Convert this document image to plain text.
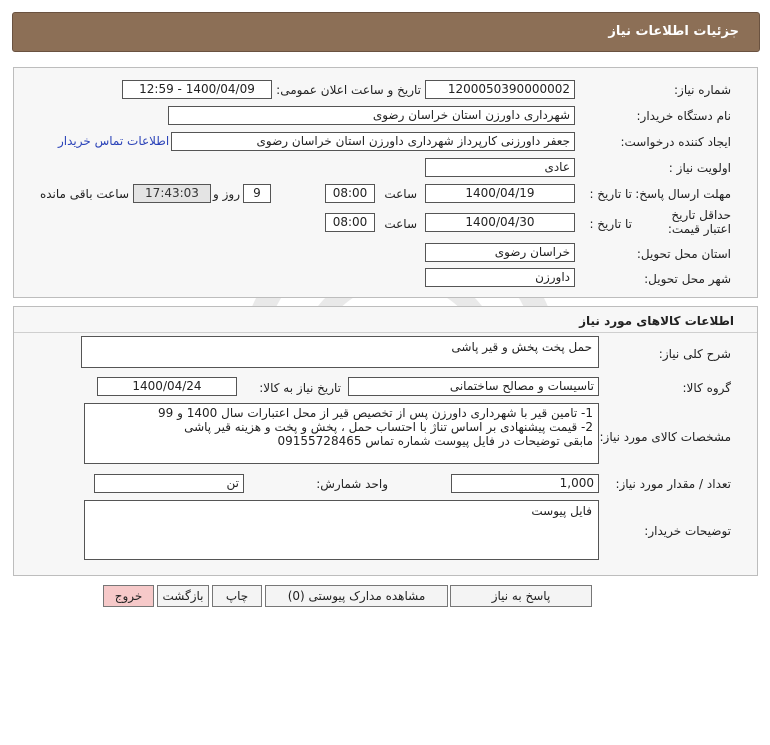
جزئیات اطلاعات نیاز
شماره نیاز:
1200050390000002
تاریخ و ساعت اعلان عمومی:
1400/04/09 - 12:59
نام دستگاه خریدار:
شهرداری داورزن استان خراسان رضوی
ایجاد کننده درخواست:
جعفر داورزنی کارپرداز شهرداری داورزن استان خراسان رضوی
اطلاعات تماس خریدار
اولویت نیاز :
عادی
مهلت ارسال پاسخ:
تا تاریخ :
1400/04/19
ساعت
08:00
9
روز و
17:43:03
ساعت باقی مانده
حداقل تاریخ اعتبار قیمت:
تا تاریخ :
1400/04/30
ساعت
08:00
استان محل تحویل:
خراسان رضوی
شهر محل تحویل:
داورزن
اطلاعات کالاهای مورد نیاز
شرح کلی نیاز:
حمل پخت پخش و قیر پاشی
گروه کالا:
تاسیسات و مصالح ساختمانی
تاریخ نیاز به کالا:
1400/04/24
مشخصات کالای مورد نیاز:
1- تامین قیر با شهرداری داورزن پس از تخصیص قیر از محل اعتبارات سال 1400 و 99
2- قیمت پیشنهادی بر اساس تناژ با احتساب حمل ، پخش و پخت و هزینه قیر پاشی
مابقی توضیحات در فایل پیوست شماره تماس 09155728465
تعداد / مقدار مورد نیاز:
1,000
واحد شمارش:
تن
توضیحات خریدار:
فایل پیوست
پاسخ به نیاز
مشاهده مدارک پیوستی (0)
چاپ
بازگشت
خروج
